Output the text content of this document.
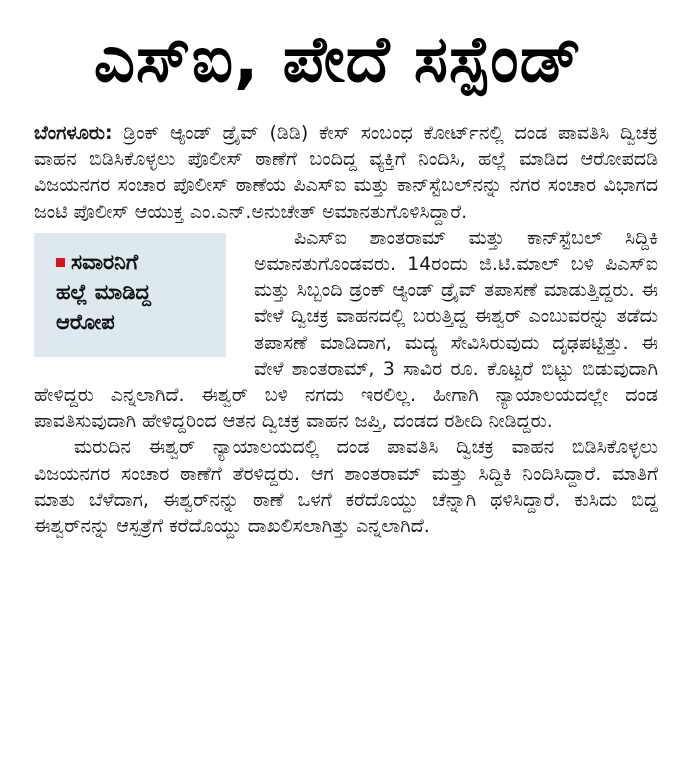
ಎಸ್‌ಐ, ಪೇದೆ ಸಸ್ಪೆಂಡ್

ಬೆಂಗಳೂರು: ಡ್ರಿಂಕ್ ಆ್ಯಂಡ್ ಡ್ರೈವ್ (ಡಿಡಿ) ಕೇಸ್ ಸಂಬಂಧ ಕೋರ್ಟ್‌ನಲ್ಲಿ ದಂಡ ಪಾವತಿಸಿ ದ್ವಿಚಕ್ರ ವಾಹನ ಬಿಡಿಸಿಕೊಳ್ಳಲು ಪೊಲೀಸ್ ಠಾಣೆಗೆ ಬಂದಿದ್ದ ವ್ಯಕ್ತಿಗೆ ನಿಂದಿಸಿ, ಹಲ್ಲೆ ಮಾಡಿದ ಆರೋಪದಡಿ ವಿಜಯನಗರ ಸಂಚಾರ ಪೊಲೀಸ್ ಠಾಣೆಯ ಪಿಎಸ್‌ಐ ಮತ್ತು ಕಾನ್‌ಸ್ಟೆಬಲ್‌ನನ್ನು ನಗರ ಸಂಚಾರ ವಿಭಾಗದ ಜಂಟಿ ಪೊಲೀಸ್ ಆಯುಕ್ತ ಎಂ.ಎನ್.ಅನುಚೇತ್ ಅಮಾನತುಗೊಳಿಸಿದ್ದಾರೆ.

ಸವಾರನಿಗೆ
ಹಲ್ಲೆ ಮಾಡಿದ್ದ
ಆರೋಪ
ಪಿಎಸ್‌ಐ ಶಾಂತರಾಮ್ ಮತ್ತು ಕಾನ್‌ಸ್ಟೆಬಲ್ ಸಿದ್ದಿಕಿ ಅಮಾನತುಗೊಂಡವರು. 14ರಂದು ಜಿ.ಟಿ.ಮಾಲ್ ಬಳಿ ಪಿಎಸ್‌ಐ ಮತ್ತು ಸಿಬ್ಬಂದಿ ಡ್ರಂಕ್ ಆ್ಯಂಡ್ ಡ್ರೈವ್ ತಪಾಸಣೆ ಮಾಡುತ್ತಿದ್ದರು. ಈ ವೇಳೆ ದ್ವಿಚಕ್ರ ವಾಹನದಲ್ಲಿ ಬರುತ್ತಿದ್ದ ಈಶ್ವರ್ ಎಂಬುವರನ್ನು ತಡೆದು ತಪಾಸಣೆ ಮಾಡಿದಾಗ, ಮದ್ಯ ಸೇವಿಸಿರುವುದು ದೃಢಪಟ್ಟಿತ್ತು. ಈ ವೇಳೆ ಶಾಂತರಾಮ್, 3 ಸಾವಿರ ರೂ. ಕೊಟ್ಟರೆ ಬಿಟ್ಟು ಬಿಡುವುದಾಗಿ ಹೇಳಿದ್ದರು ಎನ್ನಲಾಗಿದೆ. ಈಶ್ವರ್ ಬಳಿ ನಗದು ಇರಲಿಲ್ಲ. ಹೀಗಾಗಿ ನ್ಯಾಯಾಲಯದಲ್ಲೇ ದಂಡ ಪಾವತಿಸುವುದಾಗಿ ಹೇಳಿದ್ದರಿಂದ ಆತನ ದ್ವಿಚಕ್ರ ವಾಹನ ಜಪ್ತಿ, ದಂಡದ ರಶೀದಿ ನೀಡಿದ್ದರು.

ಮರುದಿನ ಈಶ್ವರ್ ನ್ಯಾಯಾಲಯದಲ್ಲಿ ದಂಡ ಪಾವತಿಸಿ ದ್ವಿಚಕ್ರ ವಾಹನ ಬಿಡಿಸಿಕೊಳ್ಳಲು ವಿಜಯನಗರ ಸಂಚಾರ ಠಾಣೆಗೆ ತೆರಳಿದ್ದರು. ಆಗ ಶಾಂತರಾಮ್ ಮತ್ತು ಸಿದ್ದಿಕಿ ನಿಂದಿಸಿದ್ದಾರೆ. ಮಾತಿಗೆ ಮಾತು ಬೆಳೆದಾಗ, ಈಶ್ವರ್‌ನನ್ನು ಠಾಣೆ ಒಳಗೆ ಕರೆದೊಯ್ದು ಚೆನ್ನಾಗಿ ಥಳಿಸಿದ್ದಾರೆ. ಕುಸಿದು ಬಿದ್ದ ಈಶ್ವರ್‌ನನ್ನು ಆಸ್ಪತ್ರೆಗೆ ಕರೆದೊಯ್ದು ದಾಖಲಿಸಲಾಗಿತ್ತು ಎನ್ನಲಾಗಿದೆ.
